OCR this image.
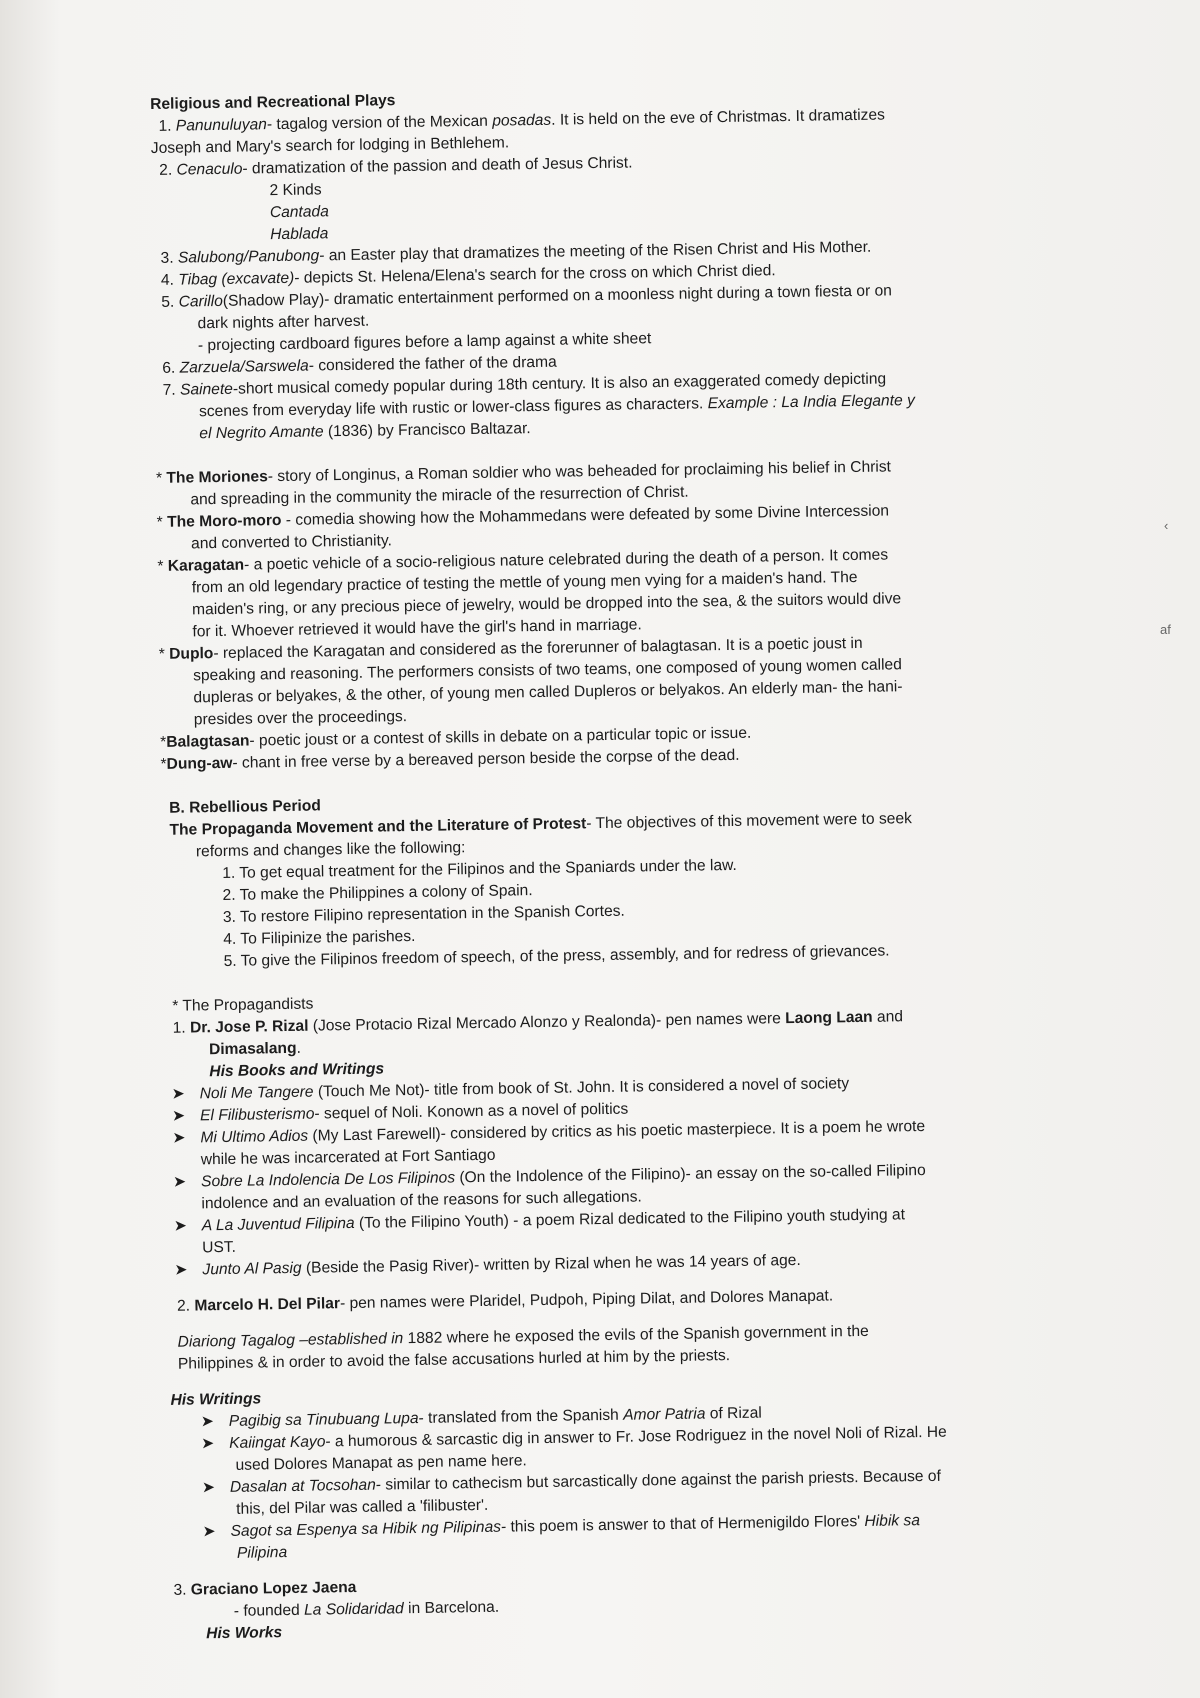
‹
af
Religious and Recreational Plays
1. Panunuluyan- tagalog version of the Mexican posadas. It is held on the eve of Christmas. It dramatizes
Joseph and Mary's search for lodging in Bethlehem.
2. Cenaculo- dramatization of the passion and death of Jesus Christ.
2 Kinds
Cantada
Hablada
3. Salubong/Panubong- an Easter play that dramatizes the meeting of the Risen Christ and His Mother.
4. Tibag (excavate)- depicts St. Helena/Elena's search for the cross on which Christ died.
5. Carillo(Shadow Play)- dramatic entertainment performed on a moonless night during a town fiesta or on
dark nights after harvest.
- projecting cardboard figures before a lamp against a white sheet
6. Zarzuela/Sarswela- considered the father of the drama
7. Sainete-short musical comedy popular during 18th century. It is also an exaggerated comedy depicting
scenes from everyday life with rustic or lower-class figures as characters. Example : La India Elegante y
el Negrito Amante (1836) by Francisco Baltazar.
* The Moriones- story of Longinus, a Roman soldier who was beheaded for proclaiming his belief in Christ
and spreading in the community the miracle of the resurrection of Christ.
* The Moro-moro - comedia showing how the Mohammedans were defeated by some Divine Intercession
and converted to Christianity.
* Karagatan- a poetic vehicle of a socio-religious nature celebrated during the death of a person. It comes
from an old legendary practice of testing the mettle of young men vying for a maiden's hand. The
maiden's ring, or any precious piece of jewelry, would be dropped into the sea, & the suitors would dive
for it. Whoever retrieved it would have the girl's hand in marriage.
* Duplo- replaced the Karagatan and considered as the forerunner of balagtasan. It is a poetic joust in
speaking and reasoning. The performers consists of two teams, one composed of young women called
dupleras or belyakes, & the other, of young men called Dupleros or belyakos. An elderly man- the hani-
presides over the proceedings.
*Balagtasan- poetic joust or a contest of skills in debate on a particular topic or issue.
*Dung-aw- chant in free verse by a bereaved person beside the corpse of the dead.
B. Rebellious Period
The Propaganda Movement and the Literature of Protest- The objectives of this movement were to seek
reforms and changes like the following:
1. To get equal treatment for the Filipinos and the Spaniards under the law.
2. To make the Philippines a colony of Spain.
3. To restore Filipino representation in the Spanish Cortes.
4. To Filipinize the parishes.
5. To give the Filipinos freedom of speech, of the press, assembly, and for redress of grievances.
* The Propagandists
1. Dr. Jose P. Rizal (Jose Protacio Rizal Mercado Alonzo y Realonda)- pen names were Laong Laan and
Dimasalang.
His Books and Writings
➤ Noli Me Tangere (Touch Me Not)- title from book of St. John. It is considered a novel of society
➤ El Filibusterismo- sequel of Noli. Konown as a novel of politics
➤ Mi Ultimo Adios (My Last Farewell)- considered by critics as his poetic masterpiece. It is a poem he wrote
while he was incarcerated at Fort Santiago
➤ Sobre La Indolencia De Los Filipinos (On the Indolence of the Filipino)- an essay on the so-called Filipino
indolence and an evaluation of the reasons for such allegations.
➤ A La Juventud Filipina (To the Filipino Youth) - a poem Rizal dedicated to the Filipino youth studying at
UST.
➤ Junto Al Pasig (Beside the Pasig River)- written by Rizal when he was 14 years of age.
2. Marcelo H. Del Pilar- pen names were Plaridel, Pudpoh, Piping Dilat, and Dolores Manapat.
Diariong Tagalog –established in 1882 where he exposed the evils of the Spanish government in the
Philippines & in order to avoid the false accusations hurled at him by the priests.
His Writings
➤ Pagibig sa Tinubuang Lupa- translated from the Spanish Amor Patria of Rizal
➤ Kaiingat Kayo- a humorous & sarcastic dig in answer to Fr. Jose Rodriguez in the novel Noli of Rizal. He
used Dolores Manapat as pen name here.
➤ Dasalan at Tocsohan- similar to cathecism but sarcastically done against the parish priests. Because of
this, del Pilar was called a 'filibuster'.
➤ Sagot sa Espenya sa Hibik ng Pilipinas- this poem is answer to that of Hermenigildo Flores' Hibik sa
Pilipina
3. Graciano Lopez Jaena
- founded La Solidaridad in Barcelona.
His Works
